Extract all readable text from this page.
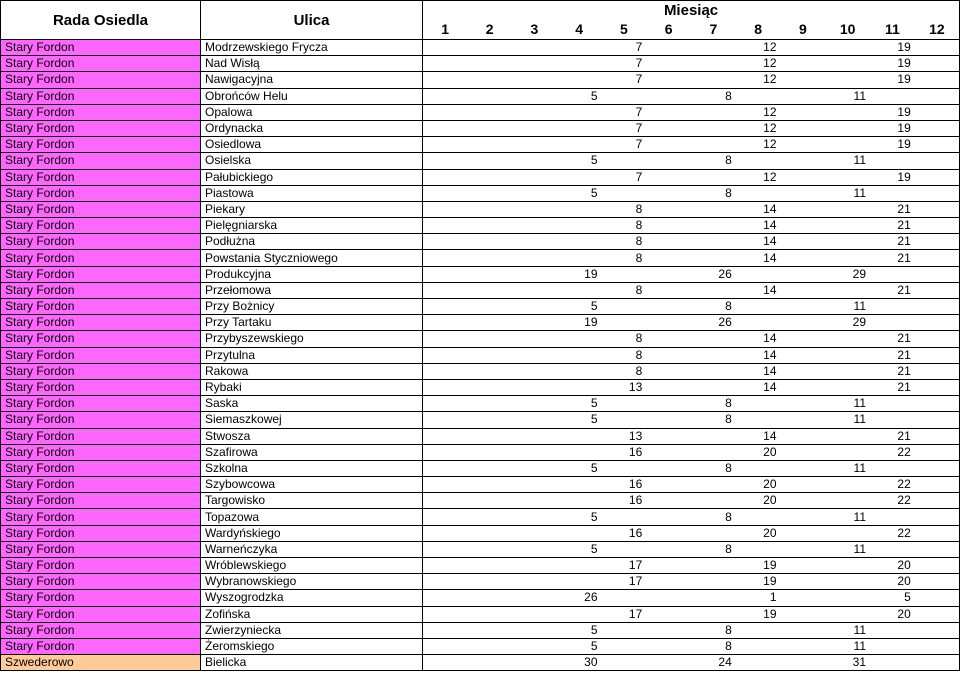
Rada Osiedla	Ulica	Miesiąc											
		1	2	3	4	5	6	7	8	9	10	11	12
Stary Fordon	Modrzewskiego Frycza					7			12			19	
Stary Fordon	Nad Wisłą					7			12			19	
Stary Fordon	Nawigacyjna					7			12			19	
Stary Fordon	Obrońców Helu				5			8			11		
Stary Fordon	Opalowa					7			12			19	
Stary Fordon	Ordynacka					7			12			19	
Stary Fordon	Osiedlowa					7			12			19	
Stary Fordon	Osielska				5			8			11		
Stary Fordon	Pałubickiego					7			12			19	
Stary Fordon	Piastowa				5			8			11		
Stary Fordon	Piekary					8			14			21	
Stary Fordon	Pielęgniarska					8			14			21	
Stary Fordon	Podłużna					8			14			21	
Stary Fordon	Powstania Styczniowego					8			14			21	
Stary Fordon	Produkcyjna				19			26			29		
Stary Fordon	Przełomowa					8			14			21	
Stary Fordon	Przy Bożnicy				5			8			11		
Stary Fordon	Przy Tartaku				19			26			29		
Stary Fordon	Przybyszewskiego					8			14			21	
Stary Fordon	Przytulna					8			14			21	
Stary Fordon	Rakowa					8			14			21	
Stary Fordon	Rybaki					13			14			21	
Stary Fordon	Saska				5			8			11		
Stary Fordon	Siemaszkowej				5			8			11		
Stary Fordon	Stwosza					13			14			21	
Stary Fordon	Szafirowa					16			20			22	
Stary Fordon	Szkolna				5			8			11		
Stary Fordon	Szybowcowa					16			20			22	
Stary Fordon	Targowisko					16			20			22	
Stary Fordon	Topazowa				5			8			11		
Stary Fordon	Wardyńskiego					16			20			22	
Stary Fordon	Warneńczyka				5			8			11		
Stary Fordon	Wróblewskiego					17			19			20	
Stary Fordon	Wybranowskiego					17			19			20	
Stary Fordon	Wyszogrodzka				26				1			5	
Stary Fordon	Zofińska					17			19			20	
Stary Fordon	Zwierzyniecka				5			8			11		
Stary Fordon	Żeromskiego				5			8			11		
Szwederowo	Bielicka				30			24			31		
